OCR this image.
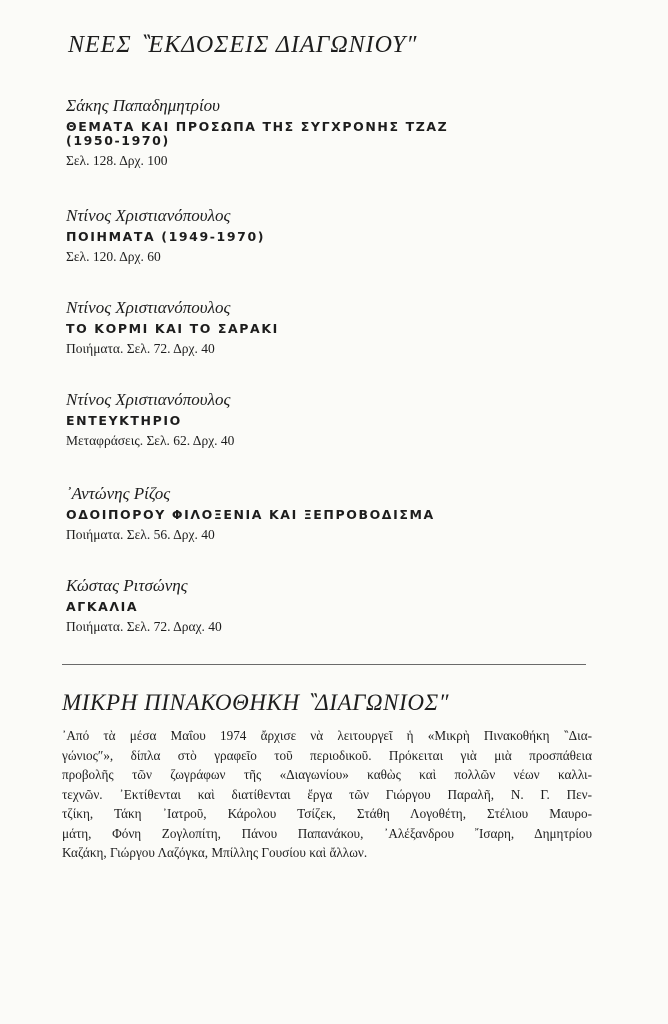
ΝΕΕΣ ‶ΕΚΔΟΣΕΙΣ ΔΙΑΓΩΝΙΟΥ″
Σάκης Παπαδημητρίου
ΘΕΜΑΤΑ ΚΑΙ ΠΡΟΣΩΠΑ ΤΗΣ ΣΥΓΧΡΟΝΗΣ ΤΖΑΖ
(1950-1970)
Σελ. 128. Δρχ. 100
Ντίνος Χριστιανόπουλος
ΠΟΙΗΜΑΤΑ (1949-1970)
Σελ. 120. Δρχ. 60
Ντίνος Χριστιανόπουλος
ΤΟ ΚΟΡΜΙ ΚΑΙ ΤΟ ΣΑΡΑΚΙ
Ποιήματα. Σελ. 72. Δρχ. 40
Ντίνος Χριστιανόπουλος
ΕΝΤΕΥΚΤΗΡΙΟ
Μεταφράσεις. Σελ. 62. Δρχ. 40
᾿Αντώνης Ρίζος
ΟΔΟΙΠΟΡΟΥ ΦΙΛΟΞΕΝΙΑ ΚΑΙ ΞΕΠΡΟΒΟΔΙΣΜΑ
Ποιήματα. Σελ. 56. Δρχ. 40
Κώστας Ριτσώνης
ΑΓΚΑΛΙΑ
Ποιήματα. Σελ. 72. Δραχ. 40
ΜΙΚΡΗ ΠΙΝΑΚΟΘΗΚΗ ‶ΔΙΑΓΩΝΙΟΣ″
᾿Από τὰ μέσα Μαΐου 1974 ἄρχισε νὰ λειτουργεῖ ἡ «Μικρὴ Πινακοθήκη ‶Δια-
γώνιος″», δίπλα στὸ γραφεῖο τοῦ περιοδικοῦ. Πρόκειται γιὰ μιὰ προσπάθεια
προβολῆς τῶν ζωγράφων τῆς «Διαγωνίου» καθὼς καὶ πολλῶν νέων καλλι-
τεχνῶν. ᾿Εκτίθενται καὶ διατίθενται ἔργα τῶν Γιώργου Παραλῆ, Ν. Γ. Πεν-
τζίκη, Τάκη ᾿Ιατροῦ, Κάρολου Τσίζεκ, Στάθη Λογοθέτη, Στέλιου Μαυρο-
μάτη, Φόνη Ζογλοπίτη, Πάνου Παπανάκου, ᾿Αλέξανδρου ῎Ισαρη, Δημητρίου
Καζάκη, Γιώργου Λαζόγκα, Μπίλλης Γουσίου καὶ ἄλλων.
